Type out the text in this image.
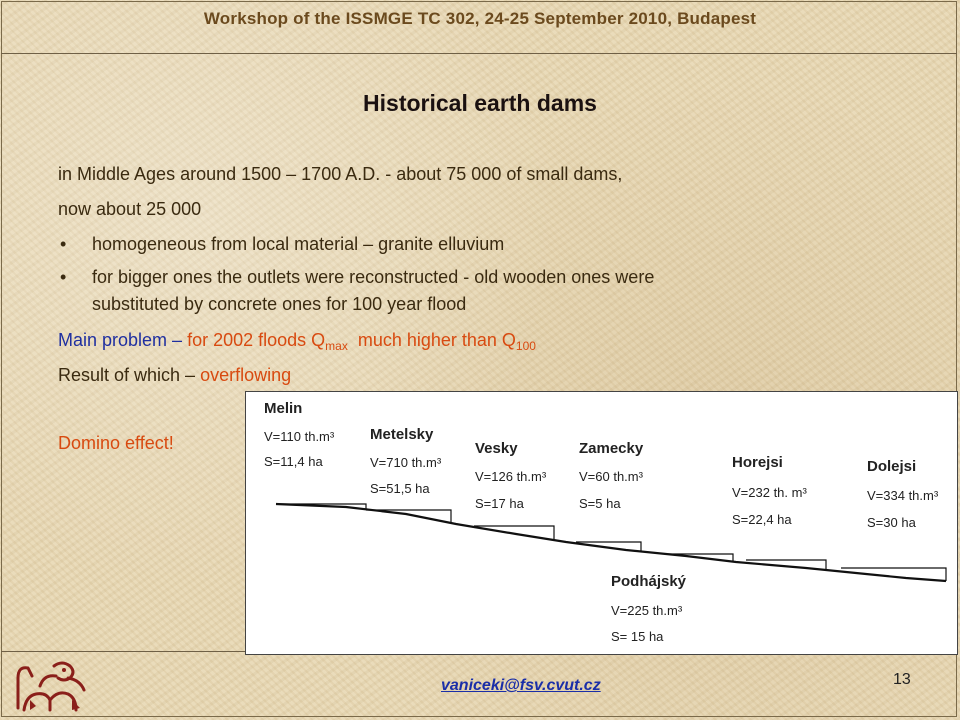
Workshop of the ISSMGE TC 302, 24-25 September 2010, Budapest
Historical earth dams
in Middle Ages around 1500 – 1700 A.D. - about 75 000 of small dams,
now about 25 000
• homogeneous from local material – granite elluvium
• for bigger ones the outlets were reconstructed - old wooden ones were
substituted by concrete ones for 100 year flood
Main problem – for 2002 floods $Q_{max}$  much higher than $Q_{100}$
Result of which – overflowing
Domino effect!
Melin
V=110 th.m³
S=11,4 ha
Metelsky
V=710 th.m³
S=51,5 ha
Vesky
V=126 th.m³
S=17 ha
Zamecky
V=60 th.m³
S=5 ha
Horejsi
V=232 th. m³
S=22,4 ha
Dolejsi
V=334 th.m³
S=30 ha
Podhájský
V=225 th.m³
S= 15 ha
vaniceki@fsv.cvut.cz	13
